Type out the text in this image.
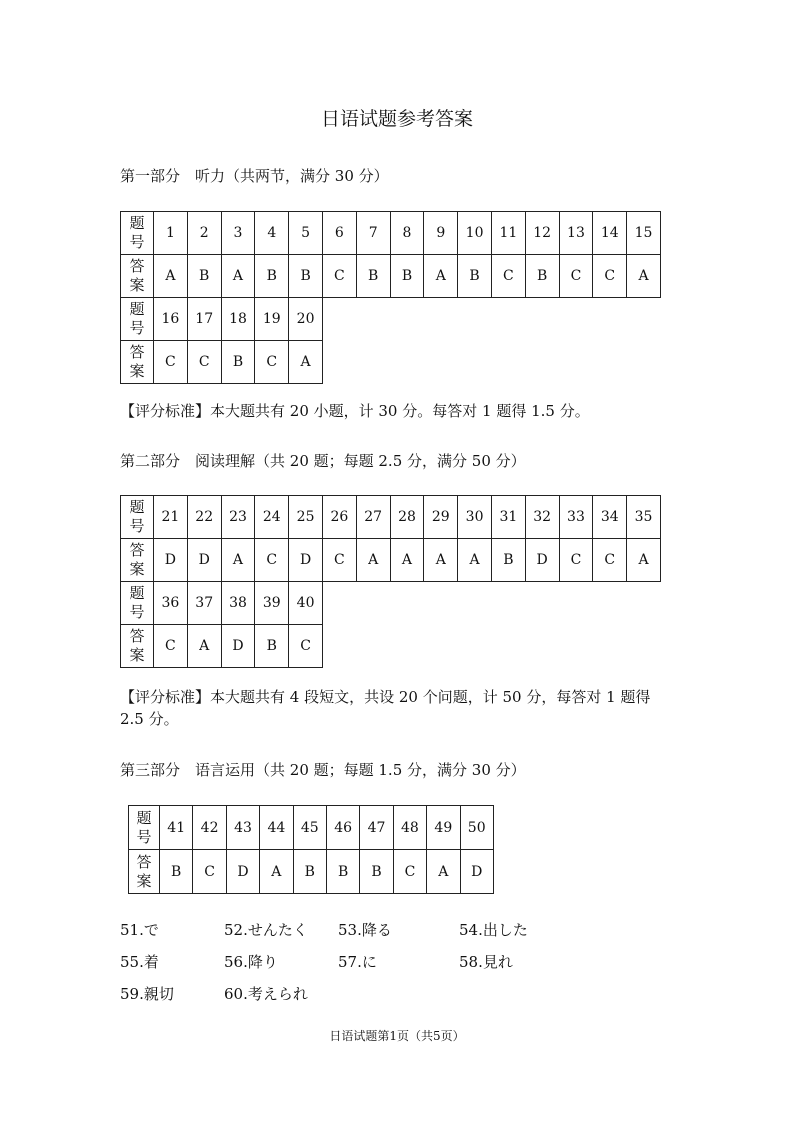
日语试题参考答案
第一部分　听力（共两节，满分 30 分）
题
号	1	2	3	4	5	6	7	8	9	10	11	12	13	14	15
答
案	A	B	A	B	B	C	B	B	A	B	C	B	C	C	A
题
号	16	17	18	19	20										
答
案	C	C	B	C	A										
【评分标准】本大题共有 20 小题，计 30 分。每答对 1 题得 1.5 分。
第二部分　阅读理解（共 20 题；每题 2.5 分，满分 50 分）
题
号	21	22	23	24	25	26	27	28	29	30	31	32	33	34	35
答
案	D	D	A	C	D	C	A	A	A	A	B	D	C	C	A
题
号	36	37	38	39	40										
答
案	C	A	D	B	C										
【评分标准】本大题共有 4 段短文，共设 20 个问题，计 50 分，每答对 1 题得 2.5 分。
第三部分　语言运用（共 20 题；每题 1.5 分，满分 30 分）
题
号	41	42	43	44	45	46	47	48	49	50
答
案	B	C	D	A	B	B	B	C	A	D
51.で	52.せんたく 53.降る	54.出した
55.着	56.降り	57.に	58.見れ
59.親切	60.考えられ
日语试题第1页（共5页）
